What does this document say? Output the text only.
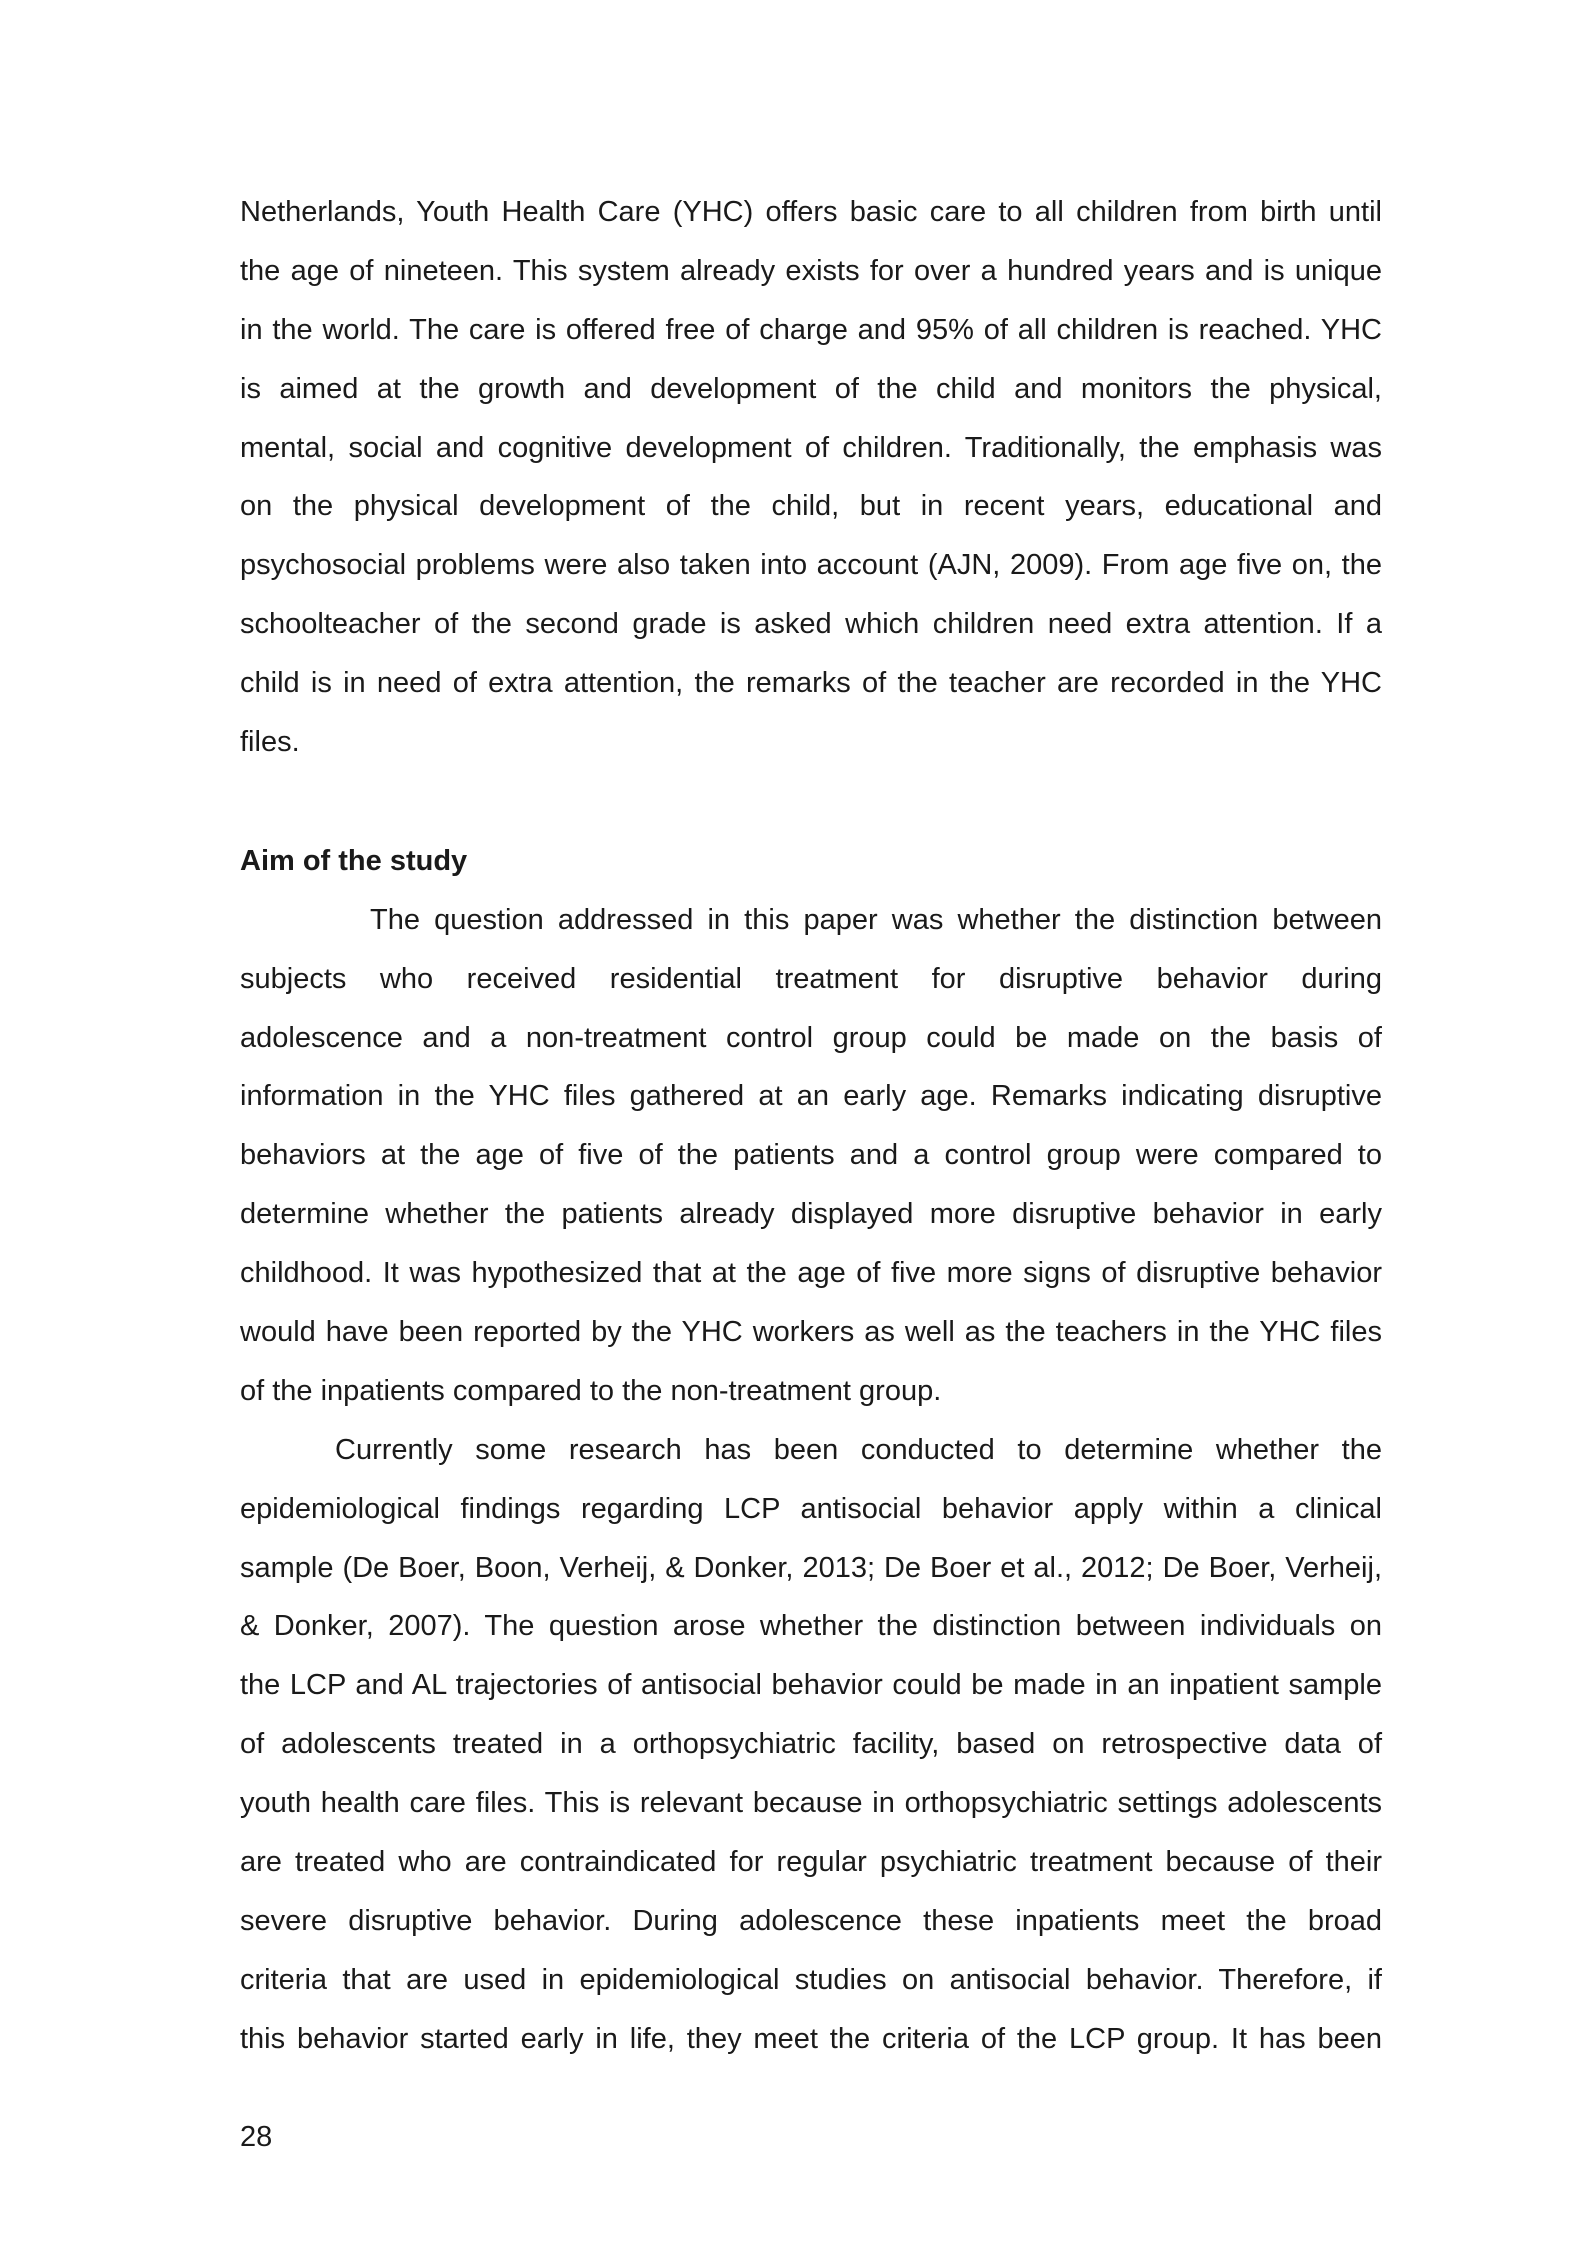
Netherlands, Youth Health Care (YHC) offers basic care to all children from birth until
the age of nineteen. This system already exists for over a hundred years and is unique
in the world. The care is offered free of charge and 95% of all children is reached. YHC
is aimed at the growth and development of the child and monitors the physical,
mental, social and cognitive development of children. Traditionally, the emphasis was
on the physical development of the child, but in recent years, educational and
psychosocial problems were also taken into account (AJN, 2009). From age five on, the
schoolteacher of the second grade is asked which children need extra attention. If a
child is in need of extra attention, the remarks of the teacher are recorded in the YHC
files.
Aim of the study
The question addressed in this paper was whether the distinction between
subjects who received residential treatment for disruptive behavior during
adolescence and a non-treatment control group could be made on the basis of
information in the YHC files gathered at an early age. Remarks indicating disruptive
behaviors at the age of five of the patients and a control group were compared to
determine whether the patients already displayed more disruptive behavior in early
childhood. It was hypothesized that at the age of five more signs of disruptive behavior
would have been reported by the YHC workers as well as the teachers in the YHC files
of the inpatients compared to the non-treatment group.
Currently some research has been conducted to determine whether the
epidemiological findings regarding LCP antisocial behavior apply within a clinical
sample (De Boer, Boon, Verheij, & Donker, 2013; De Boer et al., 2012; De Boer, Verheij,
& Donker, 2007). The question arose whether the distinction between individuals on
the LCP and AL trajectories of antisocial behavior could be made in an inpatient sample
of adolescents treated in a orthopsychiatric facility, based on retrospective data of
youth health care files. This is relevant because in orthopsychiatric settings adolescents
are treated who are contraindicated for regular psychiatric treatment because of their
severe disruptive behavior. During adolescence these inpatients meet the broad
criteria that are used in epidemiological studies on antisocial behavior. Therefore, if
this behavior started early in life, they meet the criteria of the LCP group. It has been
28
